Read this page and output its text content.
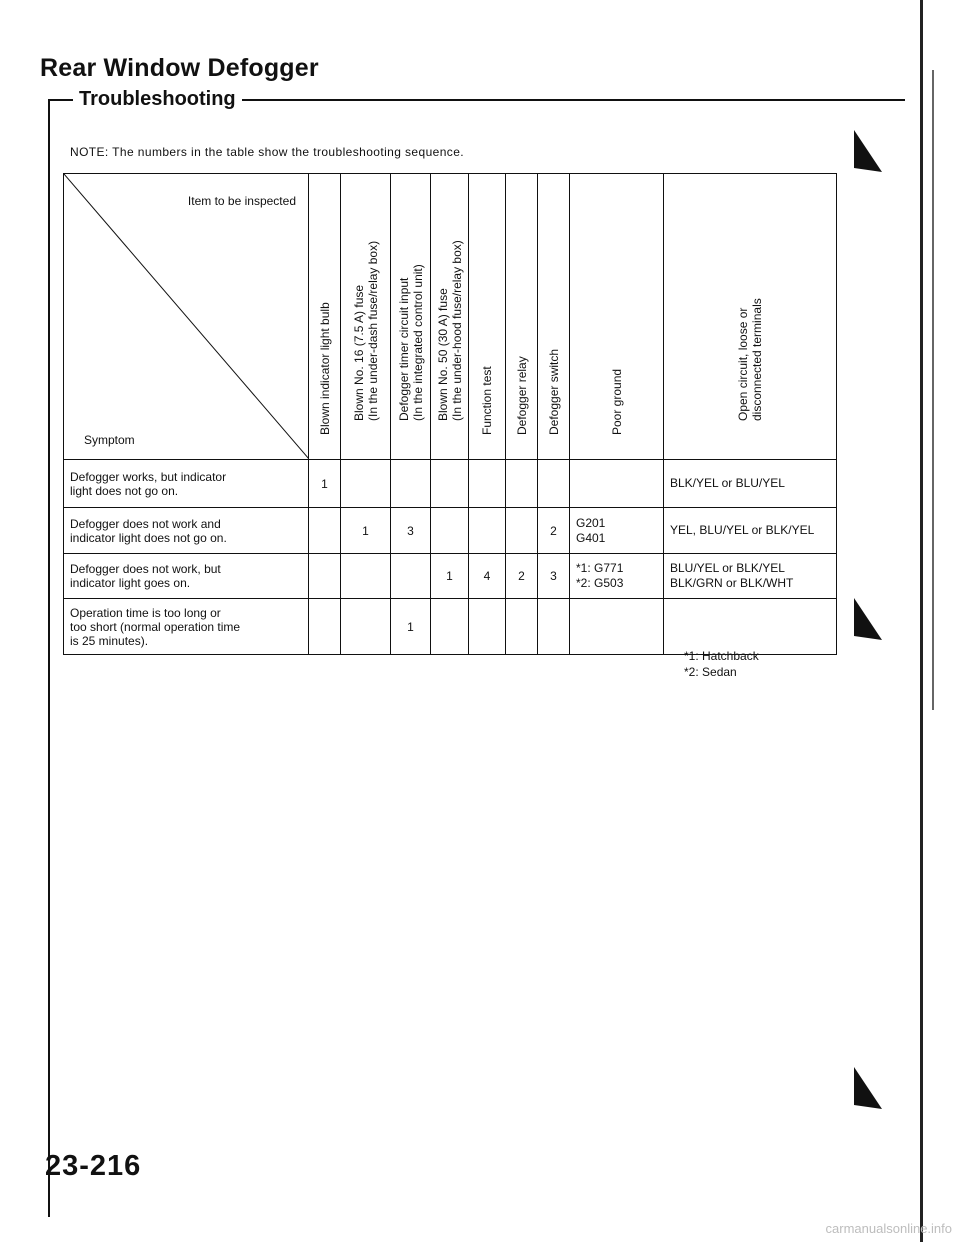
Rear Window Defogger
Troubleshooting
NOTE: The numbers in the table show the troubleshooting sequence.
Item to be inspected
Symptom	Blown indicator light bulb	Blown No. 16 (7.5 A) fuse (In the under-dash fuse/relay box)	Defogger timer circuit input (In the integrated control unit)	Blown No. 50 (30 A) fuse (In the under-hood fuse/relay box)	Function test	Defogger relay	Defogger switch	Poor ground	Open circuit, loose or disconnected terminals

Defogger works, but indicator
light does not go on.	1								BLK/YEL or BLU/YEL

Defogger does not work and
indicator light does not go on.		1	3				2	G201
G401	YEL, BLU/YEL or BLK/YEL

Defogger does not work, but
indicator light goes on.				1	4	2	3	*1: G771
*2: G503	BLU/YEL or BLK/YEL
BLK/GRN or BLK/WHT

Operation time is too long or
too short (normal operation time
is 25 minutes).			1						
*1: Hatchback
*2: Sedan
23-216
carmanualsonline.info
